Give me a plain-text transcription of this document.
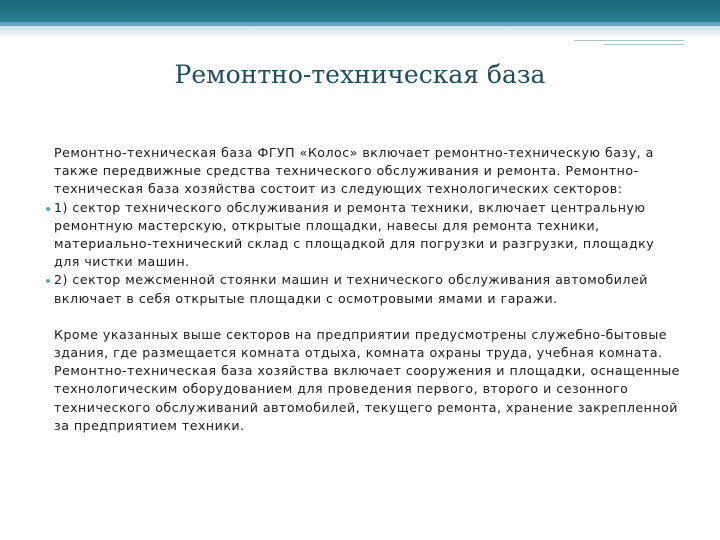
Ремонтно-техническая база

Ремонтно-техническая база ФГУП «Колос» включает ремонтно-техническую базу, а также передвижные средства технического обслуживания и ремонта. Ремонтно-техническая база хозяйства состоит из следующих технологических секторов:

1) сектор технического обслуживания и ремонта техники, включает центральную ремонтную мастерскую, открытые площадки, навесы для ремонта техники, материально-технический склад с площадкой для погрузки и разгрузки, площадку для чистки машин.
2) сектор межсменной стоянки машин и технического обслуживания автомобилей включает в себя открытые площадки с осмотровыми ямами и гаражи.

Кроме указанных выше секторов на предприятии предусмотрены служебно-бытовые здания, где размещается комната отдыха, комната охраны труда, учебная комната. Ремонтно-техническая база хозяйства включает сооружения и площадки, оснащенные технологическим оборудованием для проведения первого, второго и сезонного технического обслуживаний автомобилей, текущего ремонта, хранение закрепленной за предприятием техники.
